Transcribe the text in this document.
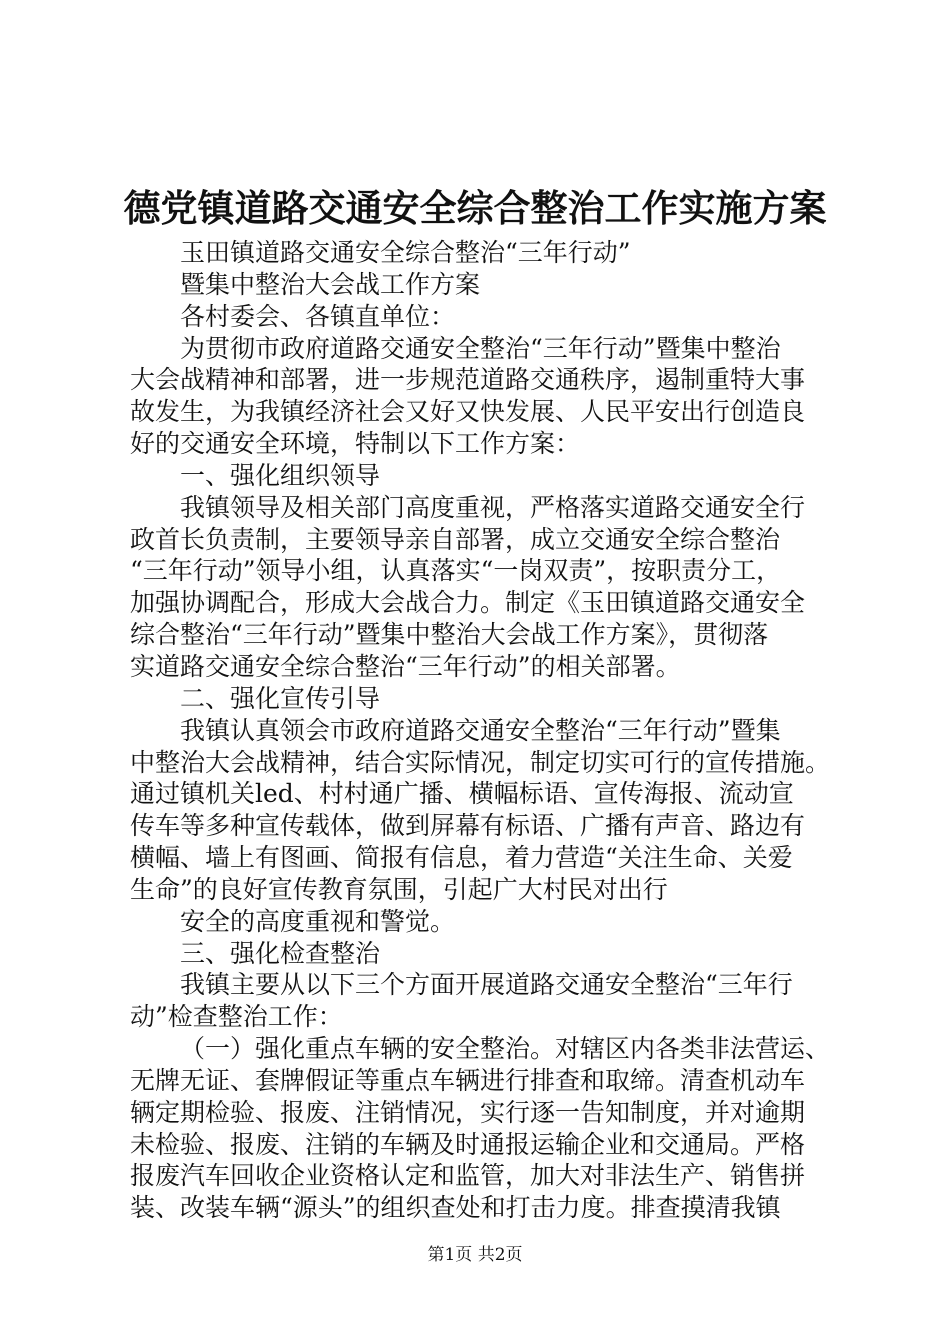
德党镇道路交通安全综合整治工作实施方案
玉田镇道路交通安全综合整治“三年行动”
暨集中整治大会战工作方案
各村委会、各镇直单位：
为贯彻市政府道路交通安全整治“三年行动”暨集中整治
大会战精神和部署，进一步规范道路交通秩序，遏制重特大事
故发生，为我镇经济社会又好又快发展、人民平安出行创造良
好的交通安全环境，特制以下工作方案：
一、强化组织领导
我镇领导及相关部门高度重视，严格落实道路交通安全行
政首长负责制，主要领导亲自部署，成立交通安全综合整治
“三年行动”领导小组，认真落实“一岗双责”，按职责分工，
加强协调配合，形成大会战合力。制定《玉田镇道路交通安全
综合整治“三年行动”暨集中整治大会战工作方案》，贯彻落
实道路交通安全综合整治“三年行动”的相关部署。
二、强化宣传引导
我镇认真领会市政府道路交通安全整治“三年行动”暨集
中整治大会战精神，结合实际情况，制定切实可行的宣传措施。
通过镇机关led、村村通广播、横幅标语、宣传海报、流动宣
传车等多种宣传载体，做到屏幕有标语、广播有声音、路边有
横幅、墙上有图画、简报有信息，着力营造“关注生命、关爱
生命”的良好宣传教育氛围，引起广大村民对出行
安全的高度重视和警觉。
三、强化检查整治
我镇主要从以下三个方面开展道路交通安全整治“三年行
动”检查整治工作：
（一）强化重点车辆的安全整治。对辖区内各类非法营运、
无牌无证、套牌假证等重点车辆进行排查和取缔。清查机动车
辆定期检验、报废、注销情况，实行逐一告知制度，并对逾期
未检验、报废、注销的车辆及时通报运输企业和交通局。严格
报废汽车回收企业资格认定和监管，加大对非法生产、销售拼
装、改装车辆“源头”的组织查处和打击力度。排查摸清我镇
第1页 共2页
